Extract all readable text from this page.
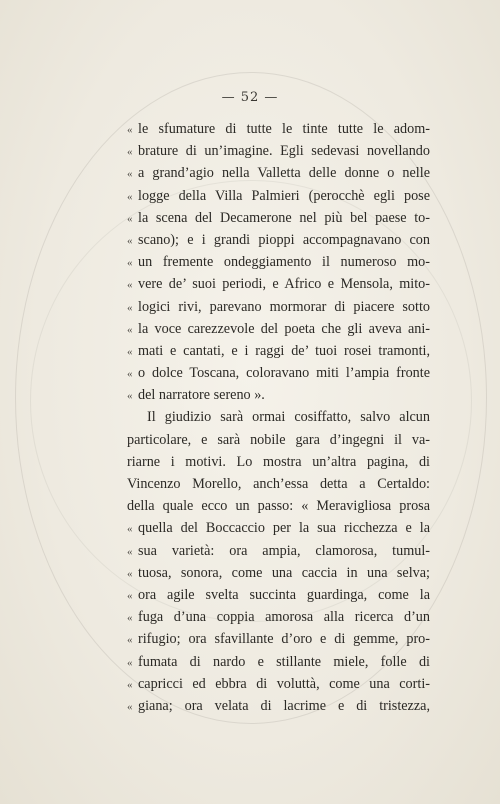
— 52 —
« le sfumature di tutte le tinte tutte le adom-
« brature di un’imagine. Egli sedevasi novellando
« a grand’agio nella Valletta delle donne o nelle
« logge della Villa Palmieri (perocchè egli pose
« la scena del Decamerone nel più bel paese to-
« scano); e i grandi pioppi accompagnavano con
« un fremente ondeggiamento il numeroso mo-
« vere de’ suoi periodi, e Africo e Mensola, mito-
« logici rivi, parevano mormorar di piacere sotto
« la voce carezzevole del poeta che gli aveva ani-
« mati e cantati, e i raggi de’ tuoi rosei tramonti,
« o dolce Toscana, coloravano miti l’ampia fronte
« del narratore sereno ».
Il giudizio sarà ormai cosiffatto, salvo alcun
particolare, e sarà nobile gara d’ingegni il va-
riarne i motivi. Lo mostra un’altra pagina, di
Vincenzo Morello, anch’essa detta a Certaldo:
della quale ecco un passo: « Meravigliosa prosa
« quella del Boccaccio per la sua ricchezza e la
« sua varietà: ora ampia, clamorosa, tumul-
« tuosa, sonora, come una caccia in una selva;
« ora agile svelta succinta guardinga, come la
« fuga d’una coppia amorosa alla ricerca d’un
« rifugio; ora sfavillante d’oro e di gemme, pro-
« fumata di nardo e stillante miele, folle di
« capricci ed ebbra di voluttà, come una corti-
« giana; ora velata di lacrime e di tristezza,
